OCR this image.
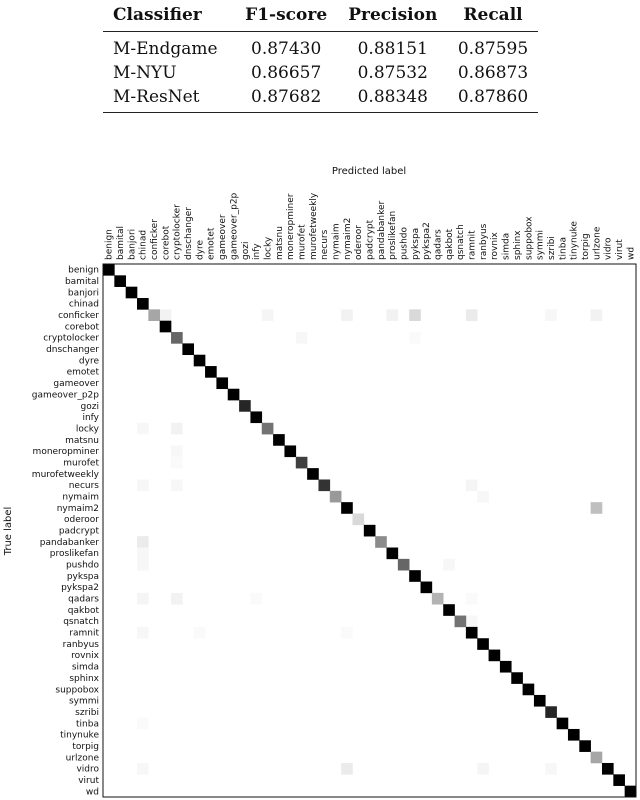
Classifier	F1-score	Precision	Recall
M-Endgame	0.87430	0.88151	0.87595
M-NYU	0.86657	0.87532	0.86873
M-ResNet	0.87682	0.88348	0.87860
Predicted label
True label
benign bamital banjori chinad conficker corebot cryptolocker dnschanger dyre emotet gameover gameover_p2p gozi infy locky matsnu moneropminer murofet murofetweekly necurs nymaim nymaim2 oderoor padcrypt pandabanker proslikefan pushdo pykspa pykspa2 qadars qakbot qsnatch ramnit ranbyus rovnix simda sphinx suppobox symmi szribi tinba tinynuke torpig urlzone vidro virut wd
benign
bamital
banjori
chinad
conficker
corebot
cryptolocker
dnschanger
dyre
emotet
gameover
gameover_p2p
gozi
infy
locky
matsnu
moneropminer
murofet
murofetweekly
necurs
nymaim
nymaim2
oderoor
padcrypt
pandabanker
proslikefan
pushdo
pykspa
pykspa2
qadars
qakbot
qsnatch
ramnit
ranbyus
rovnix
simda
sphinx
suppobox
symmi
szribi
tinba
tinynuke
torpig
urlzone
vidro
virut
wd
